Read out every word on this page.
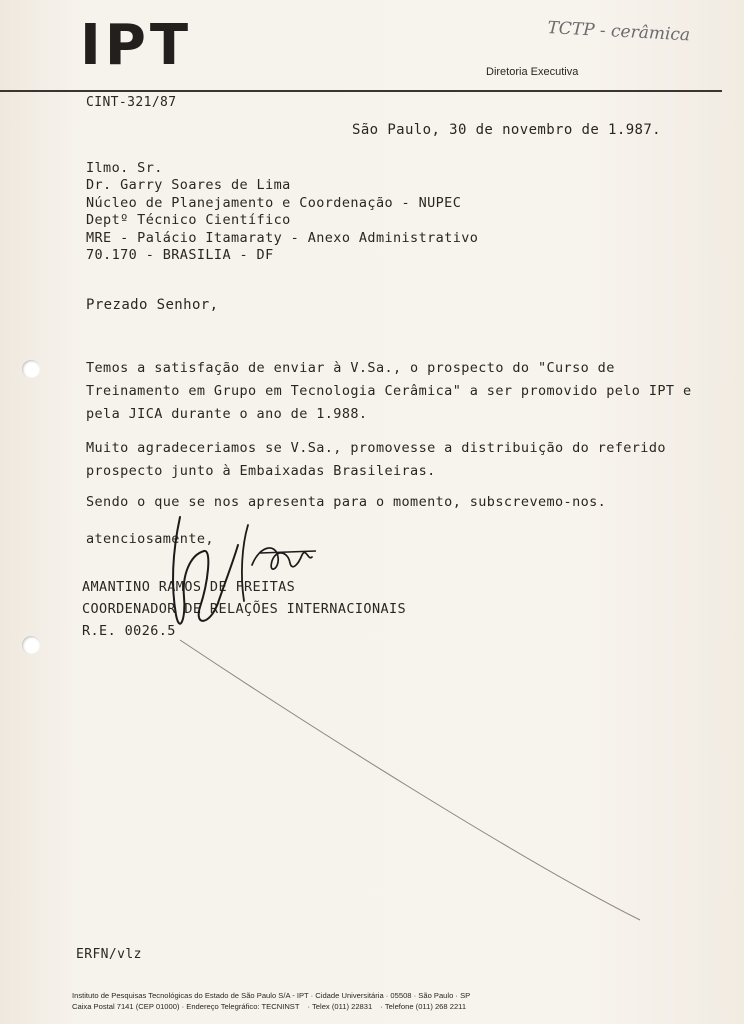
IPT	TCTP - cerâmica
Diretoria Executiva
CINT-321/87
São Paulo, 30 de novembro de 1.987.
Ilmo. Sr.
Dr. Garry Soares de Lima
Núcleo de Planejamento e Coordenação - NUPEC
Deptº Técnico Científico
MRE - Palácio Itamaraty - Anexo Administrativo
70.170 - BRASILIA - DF
Prezado Senhor,
Temos a satisfação de enviar à V.Sa., o prospecto do "Curso de Treinamento em Grupo em Tecnologia Cerâmica" a ser promovido pelo IPT e pela JICA durante o ano de 1.988.
Muito agradeceriamos se V.Sa., promovesse a distribuição do referido prospecto junto à Embaixadas Brasileiras.
Sendo o que se nos apresenta para o momento, subscrevemo-nos.
atenciosamente,
AMANTINO RAMOS DE FREITAS
COORDENADOR DE RELAÇÕES INTERNACIONAIS
R.E. 0026.5
ERFN/vlz
Instituto de Pesquisas Tecnológicas do Estado de São Paulo S/A - IPT · Cidade Universitária · 05508 · São Paulo · SP
Caixa Postal 7141 (CEP 01000) · Endereço Telegráfico: TECNINST · Telex (011) 22831 · Telefone (011) 268 2211
